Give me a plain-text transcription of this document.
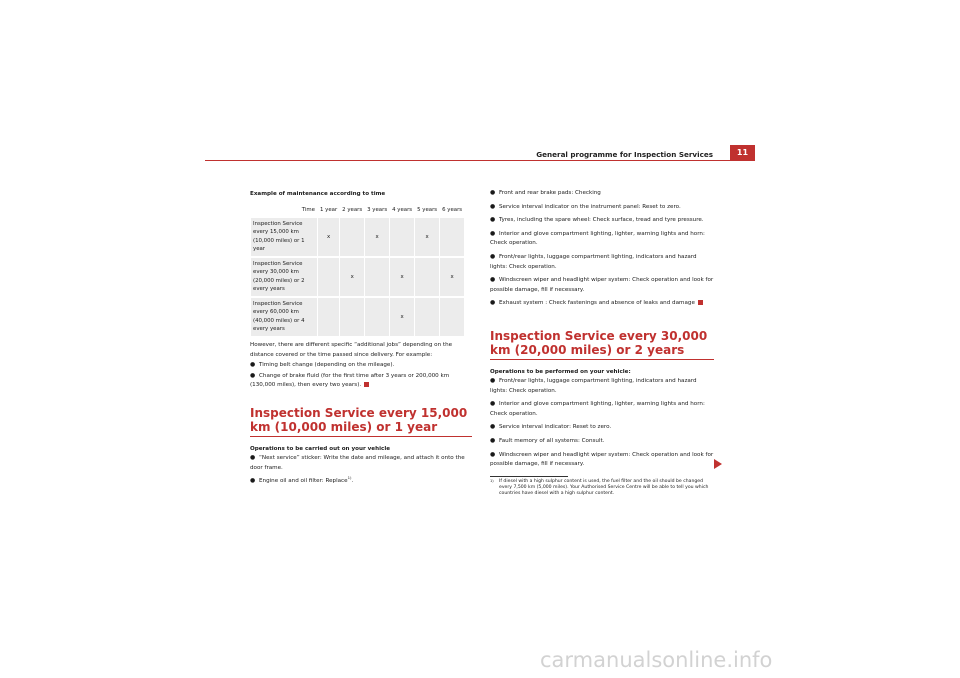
General programme for Inspection Services	11
Example of maintenance according to time
Time	1 year	2 years	3 years	4 years	5 years	6 years
Inspection Service every 15,000 km (10,000 miles) or 1 year	x		x		x	
Inspection Service every 30,000 km (20,000 miles) or 2 every years		x		x		x
Inspection Service every 60,000 km (40,000 miles) or 4 every years				x		
However, there are different specific “additional jobs” depending on the distance covered or the time passed since delivery. For example:
● Timing belt change (depending on the mileage).
● Change of brake fluid (for the first time after 3 years or 200,000 km (130,000 miles), then every two years).
Inspection Service every 15,000 km (10,000 miles) or 1 year
Operations to be carried out on your vehicle
● “Next service” sticker: Write the date and mileage, and attach it onto the door frame.
● Engine oil and oil filter: Replace$^{1)}$.
● Front and rear brake pads: Checking
● Service interval indicator on the instrument panel: Reset to zero.
● Tyres, including the spare wheel: Check surface, tread and tyre pressure.
● Interior and glove compartment lighting, lighter, warning lights and horn: Check operation.
● Front/rear lights, luggage compartment lighting, indicators and hazard lights: Check operation.
● Windscreen wiper and headlight wiper system: Check operation and look for possible damage, fill if necessary.
● Exhaust system : Check fastenings and absence of leaks and damage
Inspection Service every 30,000 km (20,000 miles) or 2 years
Operations to be performed on your vehicle:
● Front/rear lights, luggage compartment lighting, indicators and hazard lights: Check operation.
● Interior and glove compartment lighting, lighter, warning lights and horn: Check operation.
● Service interval indicator: Reset to zero.
● Fault memory of all systems: Consult.
● Windscreen wiper and headlight wiper system: Check operation and look for possible damage, fill if necessary.
1)	If diesel with a high sulphur content is used, the fuel filter and the oil should be changed every 7,500 km (5,000 miles). Your Authorised Service Centre will be able to tell you which countries have diesel with a high sulphur content.
carmanualsonline.info
